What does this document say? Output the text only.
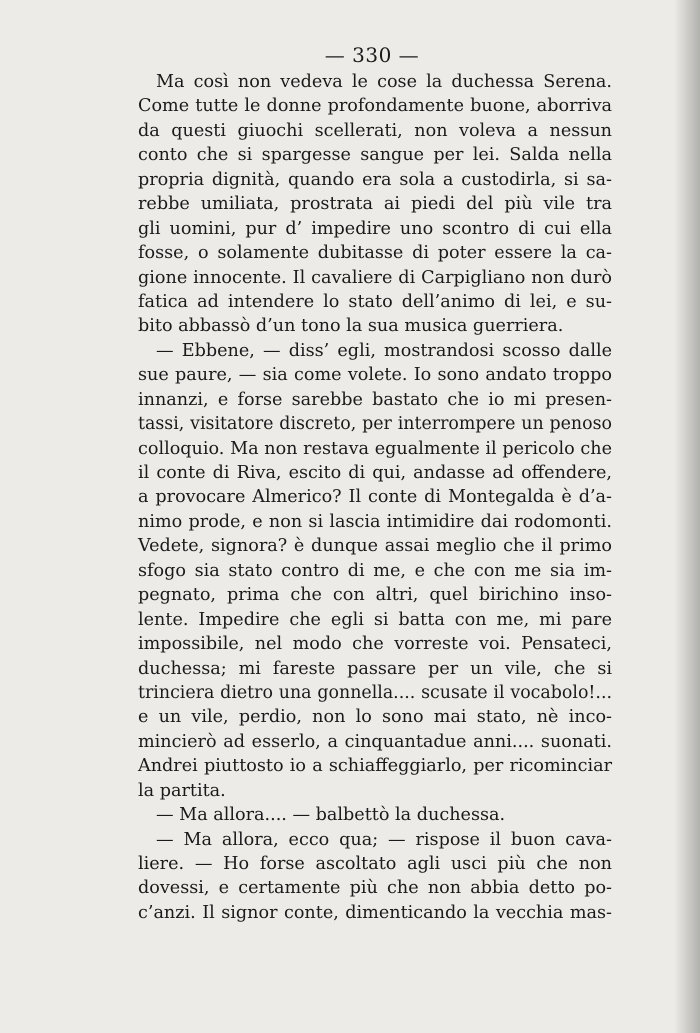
— 330 —
Ma così non vedeva le cose la duchessa Serena.
Come tutte le donne profondamente buone, aborriva
da questi giuochi scellerati, non voleva a nessun
conto che si spargesse sangue per lei. Salda nella
propria dignità, quando era sola a custodirla, si sa-
rebbe umiliata, prostrata ai piedi del più vile tra
gli uomini, pur d’ impedire uno scontro di cui ella
fosse, o solamente dubitasse di poter essere la ca-
gione innocente. Il cavaliere di Carpigliano non durò
fatica ad intendere lo stato dell’animo di lei, e su-
bito abbassò d’un tono la sua musica guerriera.
— Ebbene, — diss’ egli, mostrandosi scosso dalle
sue paure, — sia come volete. Io sono andato troppo
innanzi, e forse sarebbe bastato che io mi presen-
tassi, visitatore discreto, per interrompere un penoso
colloquio. Ma non restava egualmente il pericolo che
il conte di Riva, escito di qui, andasse ad offendere,
a provocare Almerico? Il conte di Montegalda è d’a-
nimo prode, e non si lascia intimidire dai rodomonti.
Vedete, signora? è dunque assai meglio che il primo
sfogo sia stato contro di me, e che con me sia im-
pegnato, prima che con altri, quel birichino inso-
lente. Impedire che egli si batta con me, mi pare
impossibile, nel modo che vorreste voi. Pensateci,
duchessa; mi fareste passare per un vile, che si
trinciera dietro una gonnella.... scusate il vocabolo!...
e un vile, perdio, non lo sono mai stato, nè inco-
mincierò ad esserlo, a cinquantadue anni.... suonati.
Andrei piuttosto io a schiaffeggiarlo, per ricominciar
la partita.
— Ma allora.... — balbettò la duchessa.
— Ma allora, ecco qua; — rispose il buon cava-
liere. — Ho forse ascoltato agli usci più che non
dovessi, e certamente più che non abbia detto po-
c’anzi. Il signor conte, dimenticando la vecchia mas-
